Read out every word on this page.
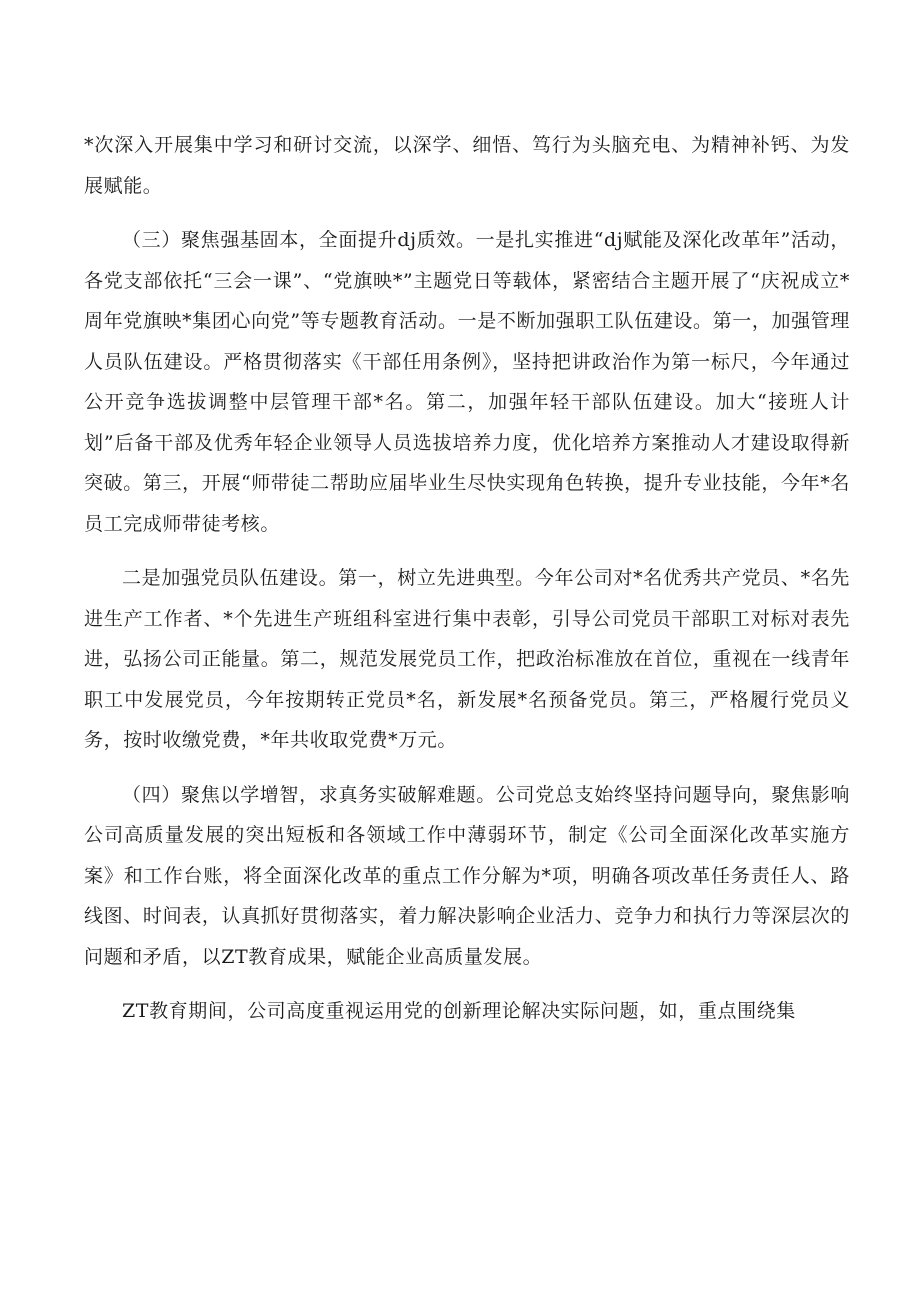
*次深入开展集中学习和研讨交流，以深学、细悟、笃行为头脑充电、为精神补钙、为发展赋能。

（三）聚焦强基固本，全面提升dj质效。一是扎实推进“dj赋能及深化改革年”活动，各党支部依托“三会一课”、“党旗映*”主题党日等载体，紧密结合主题开展了“庆祝成立*周年党旗映*集团心向党”等专题教育活动。一是不断加强职工队伍建设。第一，加强管理人员队伍建设。严格贯彻落实《干部任用条例》，坚持把讲政治作为第一标尺，今年通过公开竞争选拔调整中层管理干部*名。第二，加强年轻干部队伍建设。加大“接班人计划”后备干部及优秀年轻企业领导人员选拔培养力度，优化培养方案推动人才建设取得新突破。第三，开展“师带徒二帮助应届毕业生尽快实现角色转换，提升专业技能，今年*名员工完成师带徒考核。

二是加强党员队伍建设。第一，树立先进典型。今年公司对*名优秀共产党员、*名先进生产工作者、*个先进生产班组科室进行集中表彰，引导公司党员干部职工对标对表先进，弘扬公司正能量。第二，规范发展党员工作，把政治标准放在首位，重视在一线青年职工中发展党员，今年按期转正党员*名，新发展*名预备党员。第三，严格履行党员义务，按时收缴党费，*年共收取党费*万元。

（四）聚焦以学增智，求真务实破解难题。公司党总支始终坚持问题导向，聚焦影响公司高质量发展的突出短板和各领域工作中薄弱环节，制定《公司全面深化改革实施方案》和工作台账，将全面深化改革的重点工作分解为*项，明确各项改革任务责任人、路线图、时间表，认真抓好贯彻落实，着力解决影响企业活力、竞争力和执行力等深层次的问题和矛盾，以ZT教育成果，赋能企业高质量发展。

ZT教育期间，公司高度重视运用党的创新理论解决实际问题，如，重点围绕集
